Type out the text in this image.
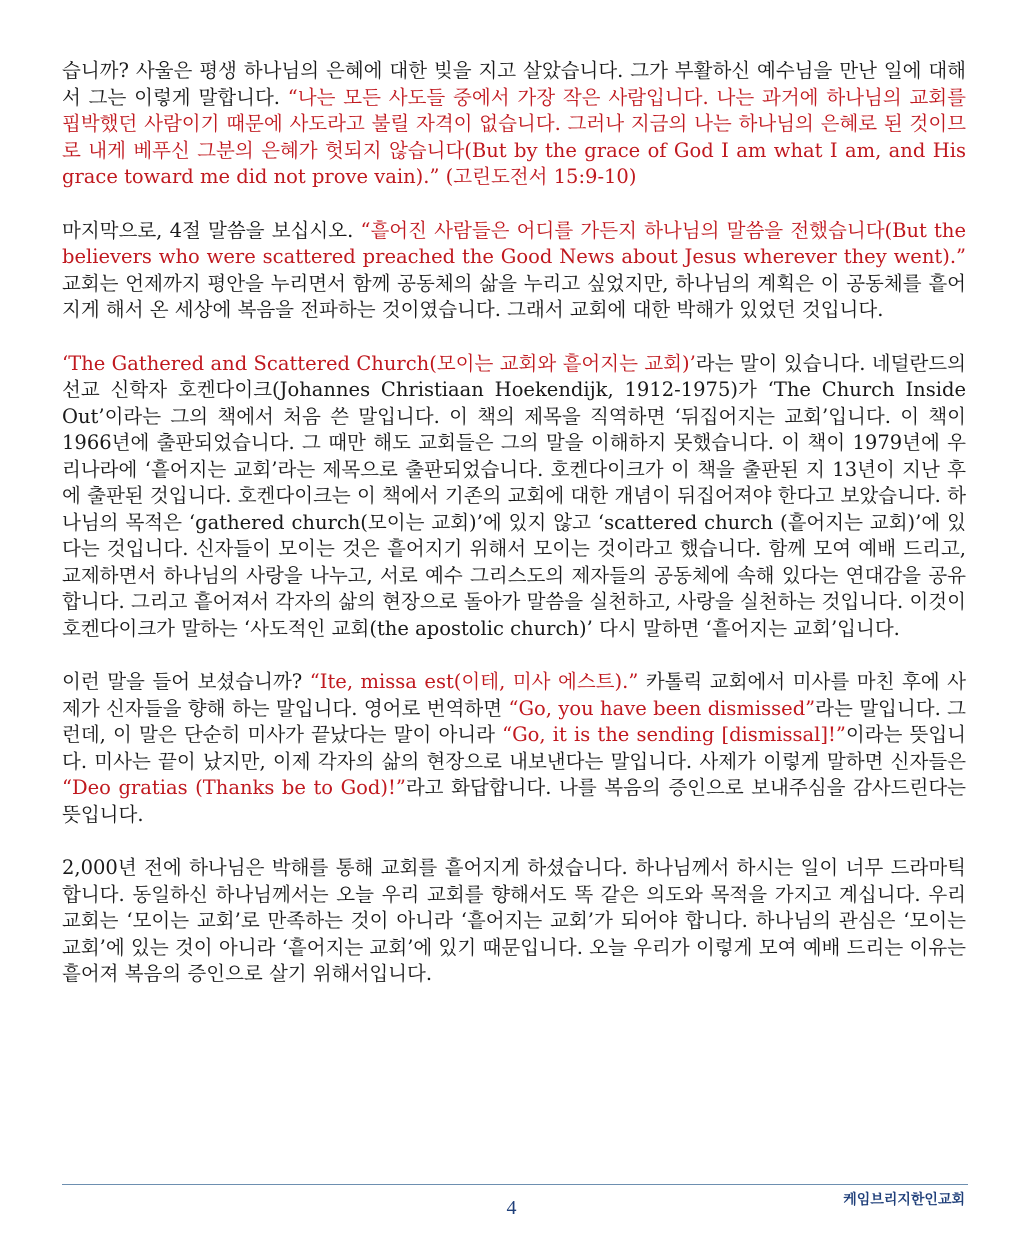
습니까? 사울은 평생 하나님의 은혜에 대한 빚을 지고 살았습니다. 그가 부활하신 예수님을 만난 일에 대해서 그는 이렇게 말합니다. “나는 모든 사도들 중에서 가장 작은 사람입니다. 나는 과거에 하나님의 교회를 핍박했던 사람이기 때문에 사도라고 불릴 자격이 없습니다. 그러나 지금의 나는 하나님의 은혜로 된 것이므로 내게 베푸신 그분의 은혜가 헛되지 않습니다(But by the grace of God I am what I am, and His grace toward me did not prove vain).” (고린도전서 15:9-10)

마지막으로, 4절 말씀을 보십시오. “흩어진 사람들은 어디를 가든지 하나님의 말씀을 전했습니다(But the believers who were scattered preached the Good News about Jesus wherever they went).” 교회는 언제까지 평안을 누리면서 함께 공동체의 삶을 누리고 싶었지만, 하나님의 계획은 이 공동체를 흩어지게 해서 온 세상에 복음을 전파하는 것이였습니다. 그래서 교회에 대한 박해가 있었던 것입니다.

‘The Gathered and Scattered Church(모이는 교회와 흩어지는 교회)’라는 말이 있습니다. 네덜란드의 선교 신학자 호켄다이크(Johannes Christiaan Hoekendijk, 1912-1975)가 ‘The Church Inside Out’이라는 그의 책에서 처음 쓴 말입니다. 이 책의 제목을 직역하면 ‘뒤집어지는 교회’입니다. 이 책이 1966년에 출판되었습니다. 그 때만 해도 교회들은 그의 말을 이해하지 못했습니다. 이 책이 1979년에 우리나라에 ‘흩어지는 교회’라는 제목으로 출판되었습니다. 호켄다이크가 이 책을 출판된 지 13년이 지난 후에 출판된 것입니다. 호켄다이크는 이 책에서 기존의 교회에 대한 개념이 뒤집어져야 한다고 보았습니다. 하나님의 목적은 ‘gathered church(모이는 교회)’에 있지 않고 ‘scattered church (흩어지는 교회)’에 있다는 것입니다. 신자들이 모이는 것은 흩어지기 위해서 모이는 것이라고 했습니다. 함께 모여 예배 드리고, 교제하면서 하나님의 사랑을 나누고, 서로 예수 그리스도의 제자들의 공동체에 속해 있다는 연대감을 공유합니다. 그리고 흩어져서 각자의 삶의 현장으로 돌아가 말씀을 실천하고, 사랑을 실천하는 것입니다. 이것이 호켄다이크가 말하는 ‘사도적인 교회(the apostolic church)’ 다시 말하면 ‘흩어지는 교회’입니다.

이런 말을 들어 보셨습니까? “Ite, missa est(이테, 미사 에스트).” 카톨릭 교회에서 미사를 마친 후에 사제가 신자들을 향해 하는 말입니다. 영어로 번역하면 “Go, you have been dismissed”라는 말입니다. 그런데, 이 말은 단순히 미사가 끝났다는 말이 아니라 “Go, it is the sending [dismissal]!”이라는 뜻입니다. 미사는 끝이 났지만, 이제 각자의 삶의 현장으로 내보낸다는 말입니다. 사제가 이렇게 말하면 신자들은 “Deo gratias (Thanks be to God)!”라고 화답합니다. 나를 복음의 증인으로 보내주심을 감사드린다는 뜻입니다.

2,000년 전에 하나님은 박해를 통해 교회를 흩어지게 하셨습니다. 하나님께서 하시는 일이 너무 드라마틱합니다. 동일하신 하나님께서는 오늘 우리 교회를 향해서도 똑 같은 의도와 목적을 가지고 계십니다. 우리 교회는 ‘모이는 교회’로 만족하는 것이 아니라 ‘흩어지는 교회’가 되어야 합니다. 하나님의 관심은 ‘모이는 교회’에 있는 것이 아니라 ‘흩어지는 교회’에 있기 때문입니다. 오늘 우리가 이렇게 모여 예배 드리는 이유는 흩어져 복음의 증인으로 살기 위해서입니다.

4	케임브리지한인교회
